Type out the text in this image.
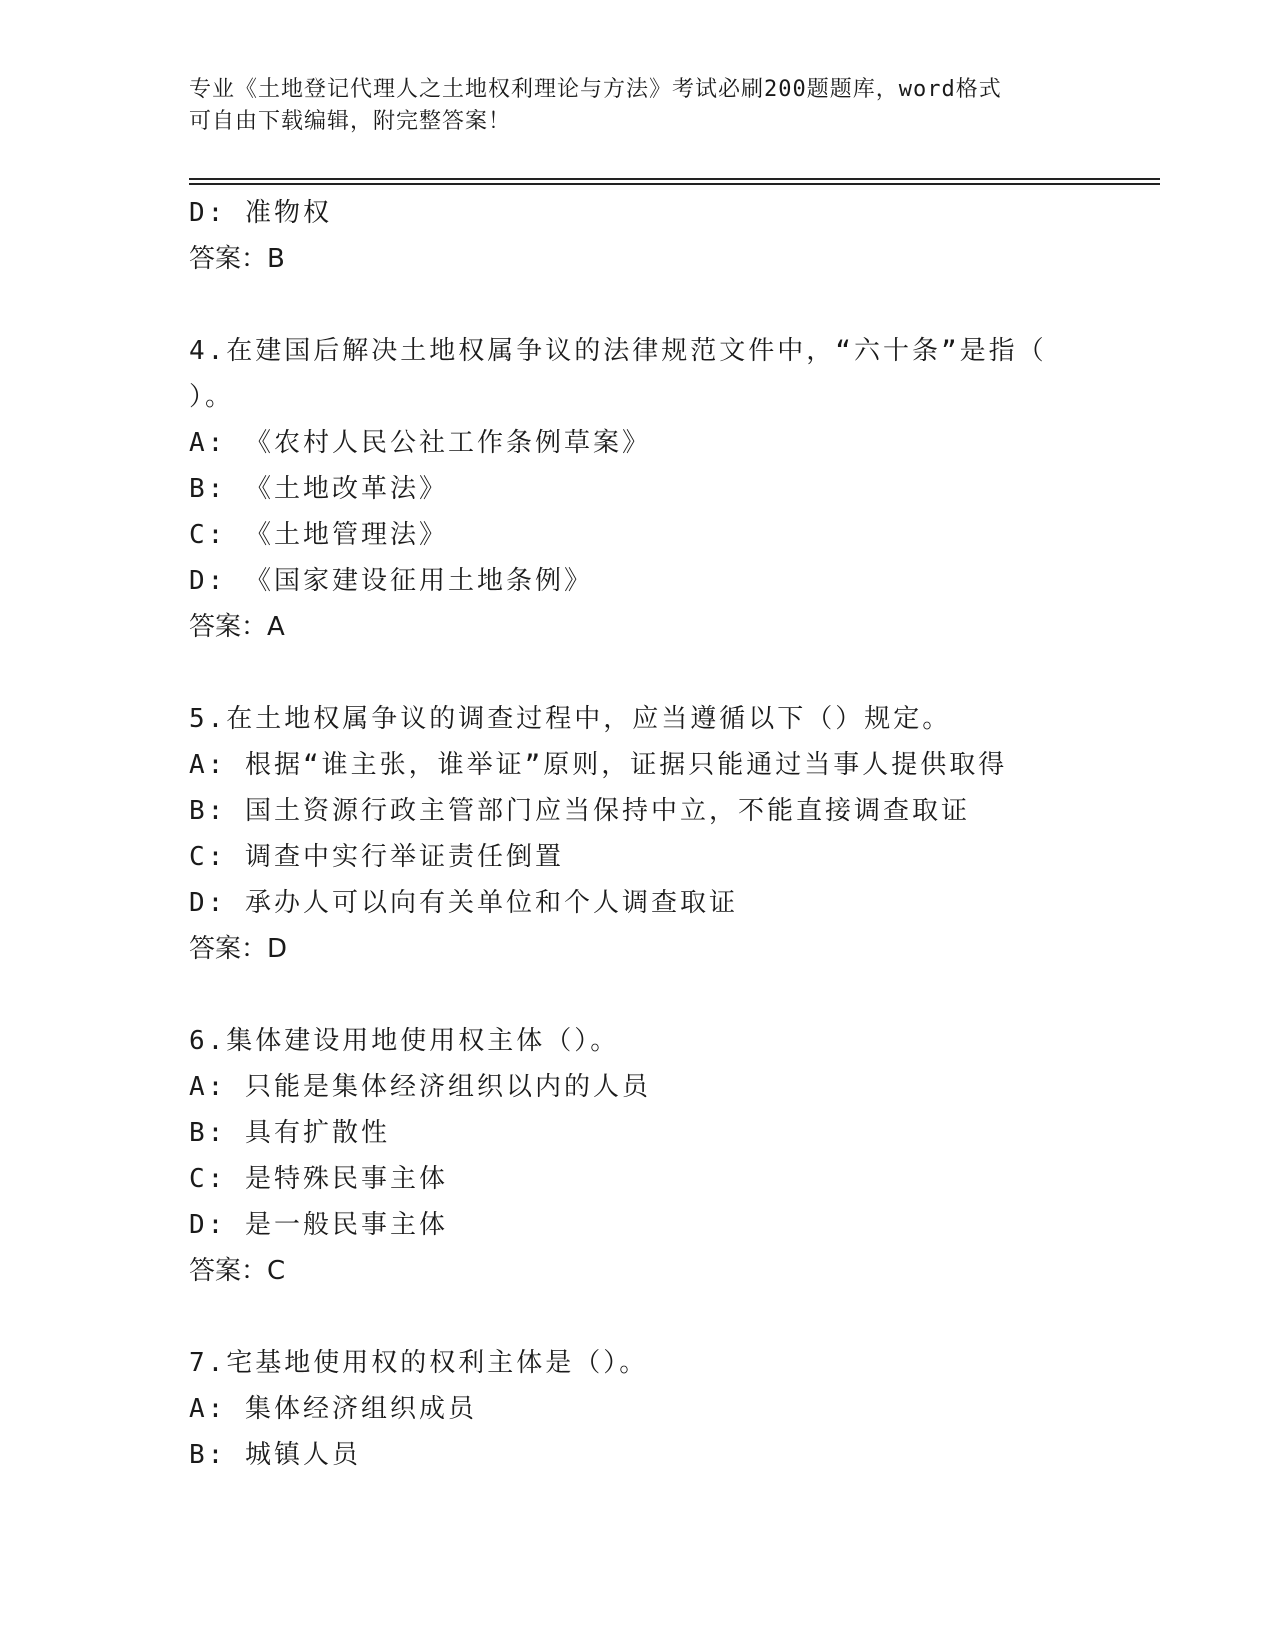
专业《土地登记代理人之土地权利理论与方法》考试必刷200题题库，word格式
可自由下载编辑，附完整答案！
D: 准物权
答案：B
4.在建国后解决土地权属争议的法律规范文件中，“六十条”是指（
）。
A: 《农村人民公社工作条例草案》
B: 《土地改革法》
C: 《土地管理法》
D: 《国家建设征用土地条例》
答案：A
5.在土地权属争议的调查过程中，应当遵循以下（）规定。
A: 根据“谁主张，谁举证”原则，证据只能通过当事人提供取得
B: 国土资源行政主管部门应当保持中立，不能直接调查取证
C: 调查中实行举证责任倒置
D: 承办人可以向有关单位和个人调查取证
答案：D
6.集体建设用地使用权主体（）。
A: 只能是集体经济组织以内的人员
B: 具有扩散性
C: 是特殊民事主体
D: 是一般民事主体
答案：C
7.宅基地使用权的权利主体是（）。
A: 集体经济组织成员
B: 城镇人员
